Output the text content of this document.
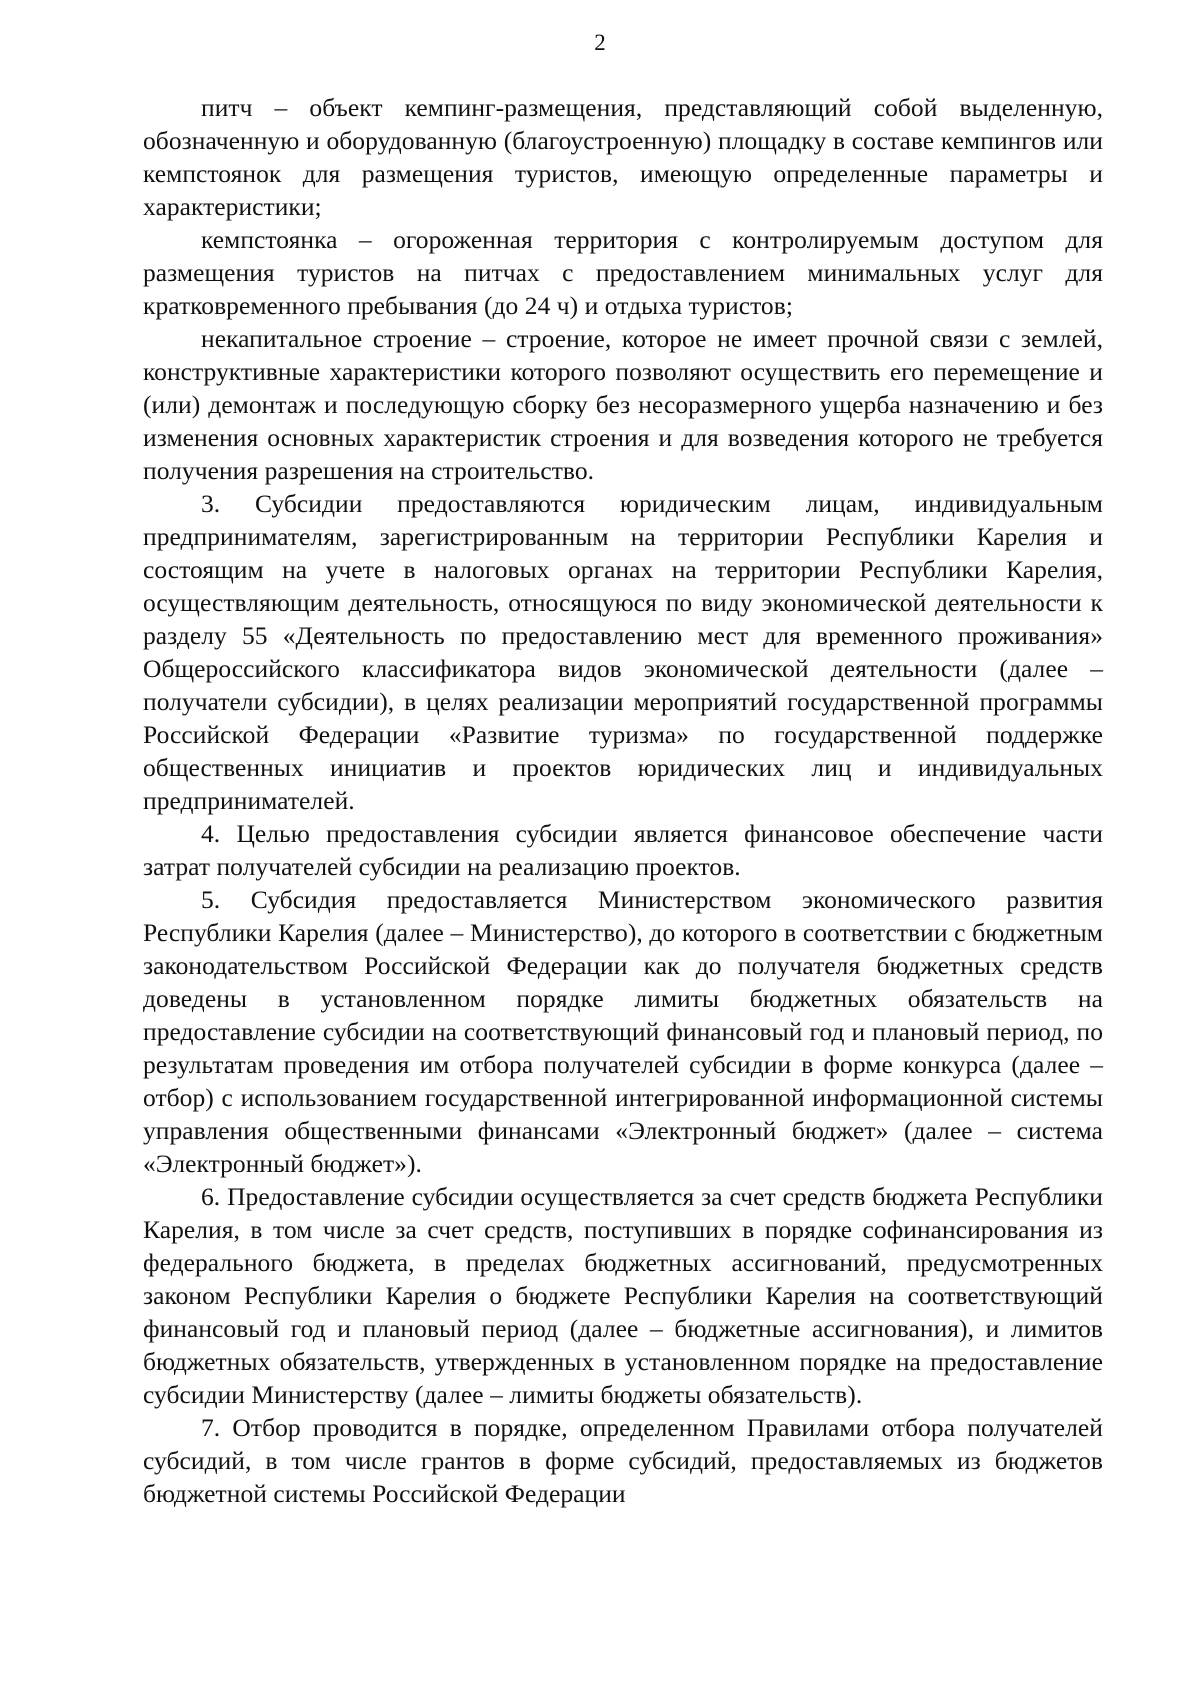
2

питч – объект кемпинг-размещения, представляющий собой выделенную, обозначенную и оборудованную (благоустроенную) площадку в составе кемпингов или кемпстоянок для размещения туристов, имеющую определенные параметры и характеристики;

кемпстоянка – огороженная территория с контролируемым доступом для размещения туристов на питчах с предоставлением минимальных услуг для кратковременного пребывания (до 24 ч) и отдыха туристов;

некапитальное строение – строение, которое не имеет прочной связи с землей, конструктивные характеристики которого позволяют осуществить его перемещение и (или) демонтаж и последующую сборку без несоразмерного ущерба назначению и без изменения основных характеристик строения и для возведения которого не требуется получения разрешения на строительство.

3. Субсидии предоставляются юридическим лицам, индивидуальным предпринимателям, зарегистрированным на территории Республики Карелия и состоящим на учете в налоговых органах на территории Республики Карелия, осуществляющим деятельность, относящуюся по виду экономической деятельности к разделу 55 «Деятельность по предоставлению мест для временного проживания» Общероссийского классификатора видов экономической деятельности (далее – получатели субсидии), в целях реализации мероприятий государственной программы Российской Федерации «Развитие туризма» по государственной поддержке общественных инициатив и проектов юридических лиц и индивидуальных предпринимателей.

4. Целью предоставления субсидии является финансовое обеспечение части затрат получателей субсидии на реализацию проектов.

5. Субсидия предоставляется Министерством экономического развития Республики Карелия (далее – Министерство), до которого в соответствии с бюджетным законодательством Российской Федерации как до получателя бюджетных средств доведены в установленном порядке лимиты бюджетных обязательств на предоставление субсидии на соответствующий финансовый год и плановый период, по результатам проведения им отбора получателей субсидии в форме конкурса (далее – отбор) с использованием государственной интегрированной информационной системы управления общественными финансами «Электронный бюджет» (далее – система «Электронный бюджет»).

6. Предоставление субсидии осуществляется за счет средств бюджета Республики Карелия, в том числе за счет средств, поступивших в порядке софинансирования из федерального бюджета, в пределах бюджетных ассигнований, предусмотренных законом Республики Карелия о бюджете Республики Карелия на соответствующий финансовый год и плановый период (далее – бюджетные ассигнования), и лимитов бюджетных обязательств, утвержденных в установленном порядке на предоставление субсидии Министерству (далее – лимиты бюджеты обязательств).

7. Отбор проводится в порядке, определенном Правилами отбора получателей субсидий, в том числе грантов в форме субсидий, предоставляемых из бюджетов бюджетной системы Российской Федерации
